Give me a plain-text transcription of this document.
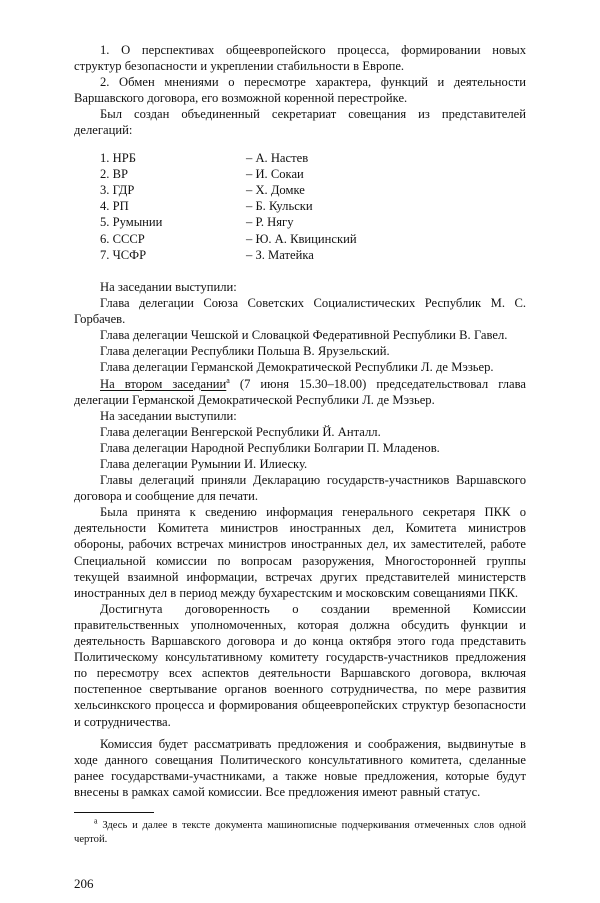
1. О перспективах общеевропейского процесса, формировании новых структур безопасности и укреплении стабильности в Европе.

2. Обмен мнениями о пересмотре характера, функций и деятельности Варшавского договора, его возможной коренной перестройке.

Был создан объединенный секретариат совещания из представителей делегаций:

1. НРБ	– А. Настев
2. ВР	– И. Сокаи
3. ГДР	– Х. Домке
4. РП	– Б. Кульски
5. Румынии	– Р. Нягу
6. СССР	– Ю. А. Квицинский
7. ЧСФР	– З. Матейка

На заседании выступили:

Глава делегации Союза Советских Социалистических Республик М. С. Горбачев.

Глава делегации Чешской и Словацкой Федеративной Республики В. Гавел.

Глава делегации Республики Польша В. Ярузельский.

Глава делегации Германской Демократической Республики Л. де Мэзьер.

На втором заседании$^а$ (7 июня 15.30–18.00) председательствовал глава делегации Германской Демократической Республики Л. де Мэзьер.

На заседании выступили:

Глава делегации Венгерской Республики Й. Анталл.

Глава делегации Народной Республики Болгарии П. Младенов.

Глава делегации Румынии И. Илиеску.

Главы делегаций приняли Декларацию государств-участников Варшавского договора и сообщение для печати.

Была принята к сведению информация генерального секретаря ПКК о деятельности Комитета министров иностранных дел, Комитета министров обороны, рабочих встречах министров иностранных дел, их заместителей, работе Специальной комиссии по вопросам разоружения, Многосторонней группы текущей взаимной информации, встречах других представителей министерств иностранных дел в период между бухарестским и московским совещаниями ПКК.

Достигнута договоренность о создании временной Комиссии правительственных уполномоченных, которая должна обсудить функции и деятельность Варшавского договора и до конца октября этого года представить Политическому консультативному комитету государств-участников предложения по пересмотру всех аспектов деятельности Варшавского договора, включая постепенное свертывание органов военного сотрудничества, по мере развития хельсинкского процесса и формирования общеевропейских структур безопасности и сотрудничества.

Комиссия будет рассматривать предложения и соображения, выдвинутые в ходе данного совещания Политического консультативного комитета, сделанные ранее государствами-участниками, а также новые предложения, которые будут внесены в рамках самой комиссии. Все предложения имеют равный статус.

$^а$ Здесь и далее в тексте документа машинописные подчеркивания отмеченных слов одной чертой.

206
